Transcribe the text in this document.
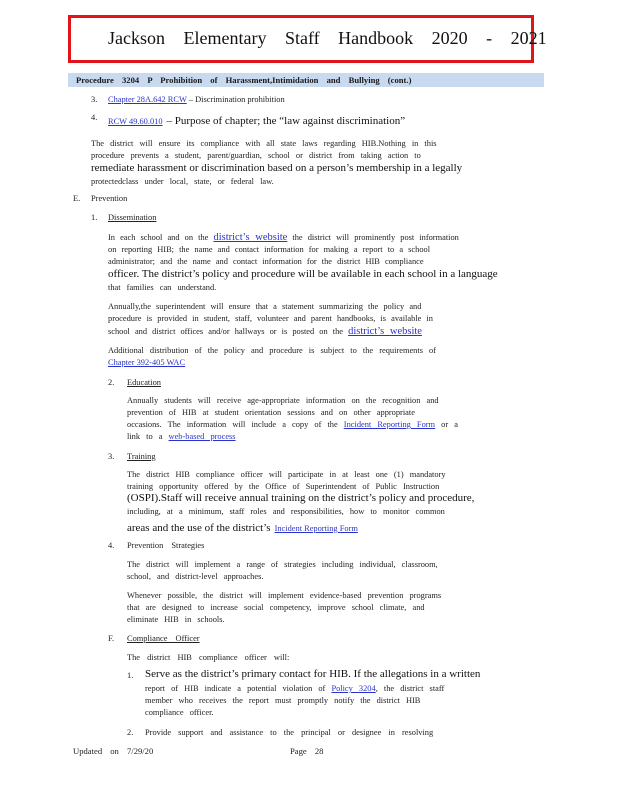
Jackson Elementary Staff Handbook 2020 - 2021
Procedure 3204 P Prohibition of Harassment,Intimidation and Bullying (cont.)
3. Chapter 28A.642 RCW – Discrimination prohibition
4. RCW 49.60.010 – Purpose of chapter; the “law against discrimination”
The district will ensure its compliance with all state laws regarding HIB.Nothing in this
procedure prevents a student, parent/guardian, school or district from taking action to
remediate harassment or discrimination based on a person’s membership in a legally
protectedclass under local, state, or federal law.
E. Prevention
1. Dissemination
In each school and on the district’s website the district will prominently post information
on reporting HIB; the name and contact information for making a report to a school
administrator; and the name and contact information for the district HIB compliance
officer. The district’s policy and procedure will be available in each school in a language
that families can understand.
Annually,the superintendent will ensure that a statement summarizing the policy and
procedure is provided in student, staff, volunteer and parent handbooks, is available in
school and district offices and/or hallways or is posted on the district’s website
Additional distribution of the policy and procedure is subject to the requirements of
Chapter 392-405 WAC
2. Education
Annually students will receive age-appropriate information on the recognition and
prevention of HIB at student orientation sessions and on other appropriate
occasions. The information will include a copy of the Incident Reporting Form or a
link to a web-based process
3. Training
The district HIB compliance officer will participate in at least one (1) mandatory
training opportunity offered by the Office of Superintendent of Public Instruction
(OSPI).Staff will receive annual training on the district’s policy and procedure,
including, at a minimum, staff roles and responsibilities, how to monitor common
areas and the use of the district’s Incident Reporting Form
4. Prevention Strategies
The district will implement a range of strategies including individual, classroom,
school, and district-level approaches.
Whenever possible, the district will implement evidence-based prevention programs
that are designed to increase social competency, improve school climate, and
eliminate HIB in schools.
F. Compliance Officer
The district HIB compliance officer will:
1. Serve as the district’s primary contact for HIB. If the allegations in a written
report of HIB indicate a potential violation of Policy 3204, the district staff
member who receives the report must promptly notify the district HIB
compliance officer.
2. Provide support and assistance to the principal or designee in resolving
Updated on 7/29/20	Page 28
